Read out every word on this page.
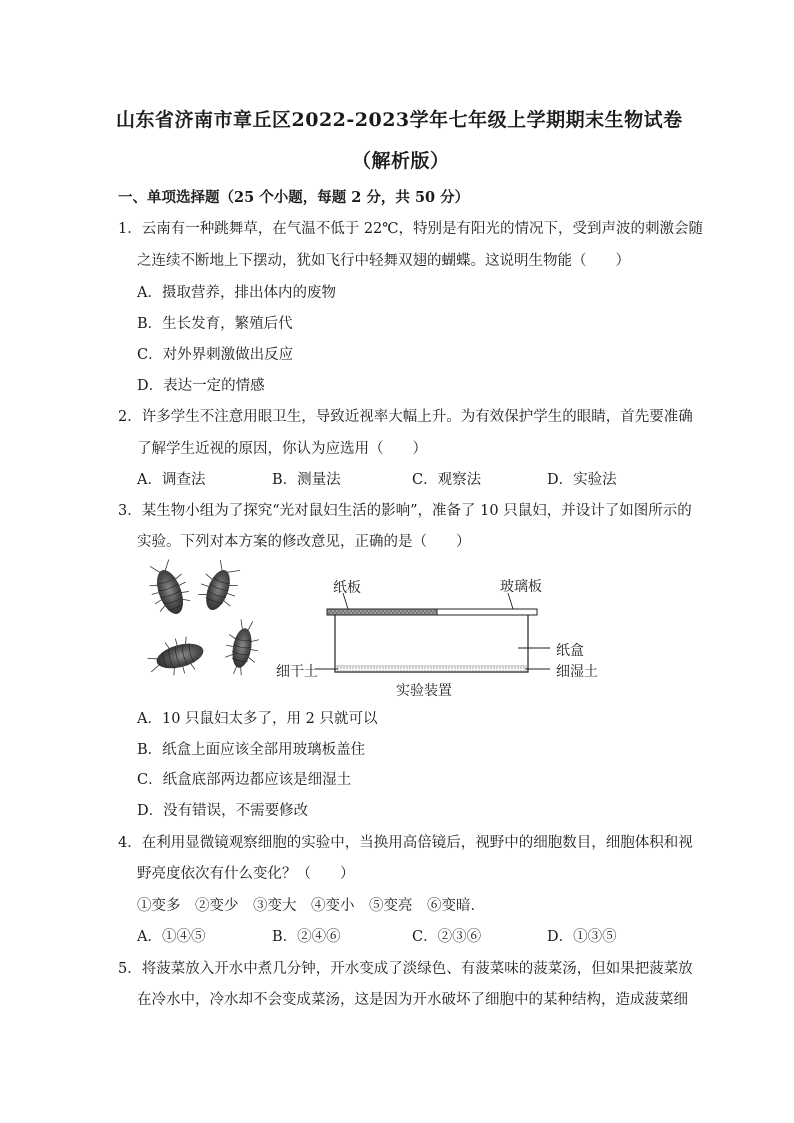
山东省济南市章丘区2022-2023学年七年级上学期期末生物试卷
（解析版）
一、单项选择题（25 个小题，每题 2 分，共 50 分）
1．云南有一种跳舞草，在气温不低于 22℃，特别是有阳光的情况下，受到声波的刺激会随
之连续不断地上下摆动，犹如飞行中轻舞双翅的蝴蝶。这说明生物能（　　）
A．摄取营养，排出体内的废物
B．生长发育，繁殖后代
C．对外界刺激做出反应
D．表达一定的情感
2．许多学生不注意用眼卫生，导致近视率大幅上升。为有效保护学生的眼睛，首先要准确
了解学生近视的原因，你认为应选用（　　）
A．调查法	B．测量法	C．观察法	D．实验法
3．某生物小组为了探究“光对鼠妇生活的影响”，准备了 10 只鼠妇，并设计了如图所示的
实验。下列对本方案的修改意见，正确的是（　　）
纸板	玻璃板
纸盒
细干土	细湿土
实验装置
A．10 只鼠妇太多了，用 2 只就可以
B．纸盒上面应该全部用玻璃板盖住
C．纸盒底部两边都应该是细湿土
D．没有错误，不需要修改
4．在利用显微镜观察细胞的实验中，当换用高倍镜后，视野中的细胞数目，细胞体积和视
野亮度依次有什么变化？（　　）
①变多　②变少　③变大　④变小　⑤变亮　⑥变暗．
A．①④⑤	B．②④⑥	C．②③⑥	D．①③⑤
5．将菠菜放入开水中煮几分钟，开水变成了淡绿色、有菠菜味的菠菜汤，但如果把菠菜放
在冷水中，冷水却不会变成菜汤，这是因为开水破坏了细胞中的某种结构，造成菠菜细
